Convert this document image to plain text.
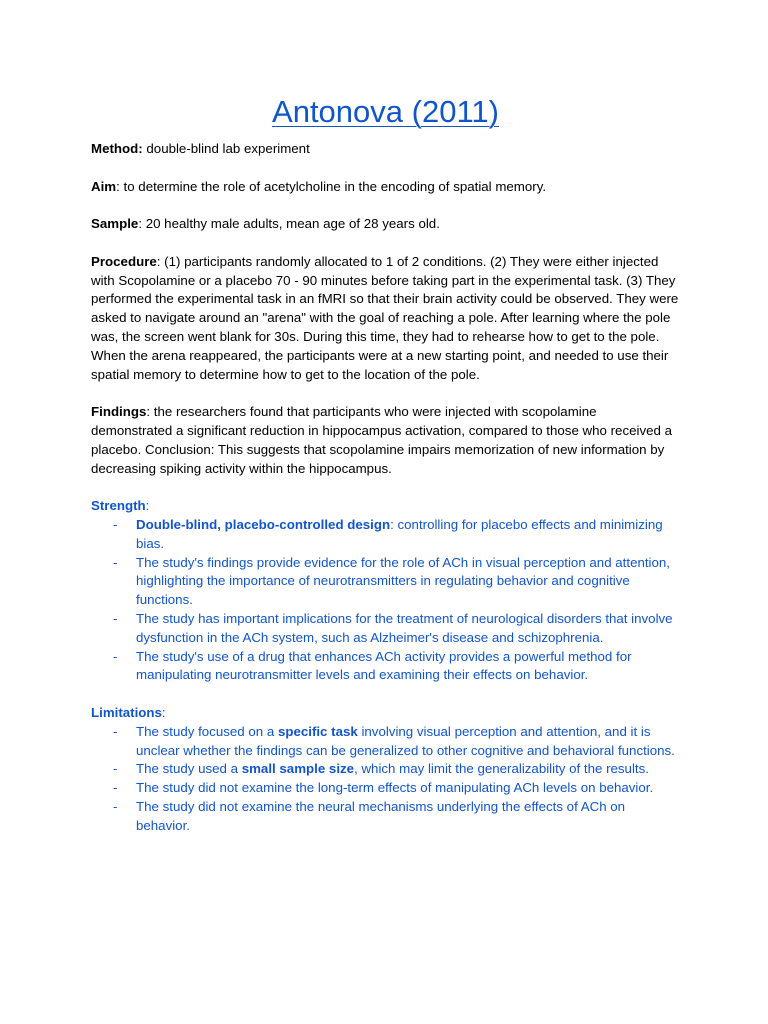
Antonova (2011)

Method: double-blind lab experiment

Aim: to determine the role of acetylcholine in the encoding of spatial memory.

Sample: 20 healthy male adults, mean age of 28 years old.

Procedure: (1) participants randomly allocated to 1 of 2 conditions. (2) They were either injected with Scopolamine or a placebo 70 - 90 minutes before taking part in the experimental task. (3) They performed the experimental task in an fMRI so that their brain activity could be observed. They were asked to navigate around an "arena" with the goal of reaching a pole. After learning where the pole was, the screen went blank for 30s. During this time, they had to rehearse how to get to the pole. When the arena reappeared, the participants were at a new starting point, and needed to use their spatial memory to determine how to get to the location of the pole.

Findings: the researchers found that participants who were injected with scopolamine demonstrated a significant reduction in hippocampus activation, compared to those who received a placebo. Conclusion: This suggests that scopolamine impairs memorization of new information by decreasing spiking activity within the hippocampus.

Strength:

- Double-blind, placebo-controlled design: controlling for placebo effects and minimizing bias.
- The study's findings provide evidence for the role of ACh in visual perception and attention, highlighting the importance of neurotransmitters in regulating behavior and cognitive functions.
- The study has important implications for the treatment of neurological disorders that involve dysfunction in the ACh system, such as Alzheimer's disease and schizophrenia.
- The study's use of a drug that enhances ACh activity provides a powerful method for manipulating neurotransmitter levels and examining their effects on behavior.

Limitations:

- The study focused on a specific task involving visual perception and attention, and it is unclear whether the findings can be generalized to other cognitive and behavioral functions.
- The study used a small sample size, which may limit the generalizability of the results.
- The study did not examine the long-term effects of manipulating ACh levels on behavior.
- The study did not examine the neural mechanisms underlying the effects of ACh on behavior.
